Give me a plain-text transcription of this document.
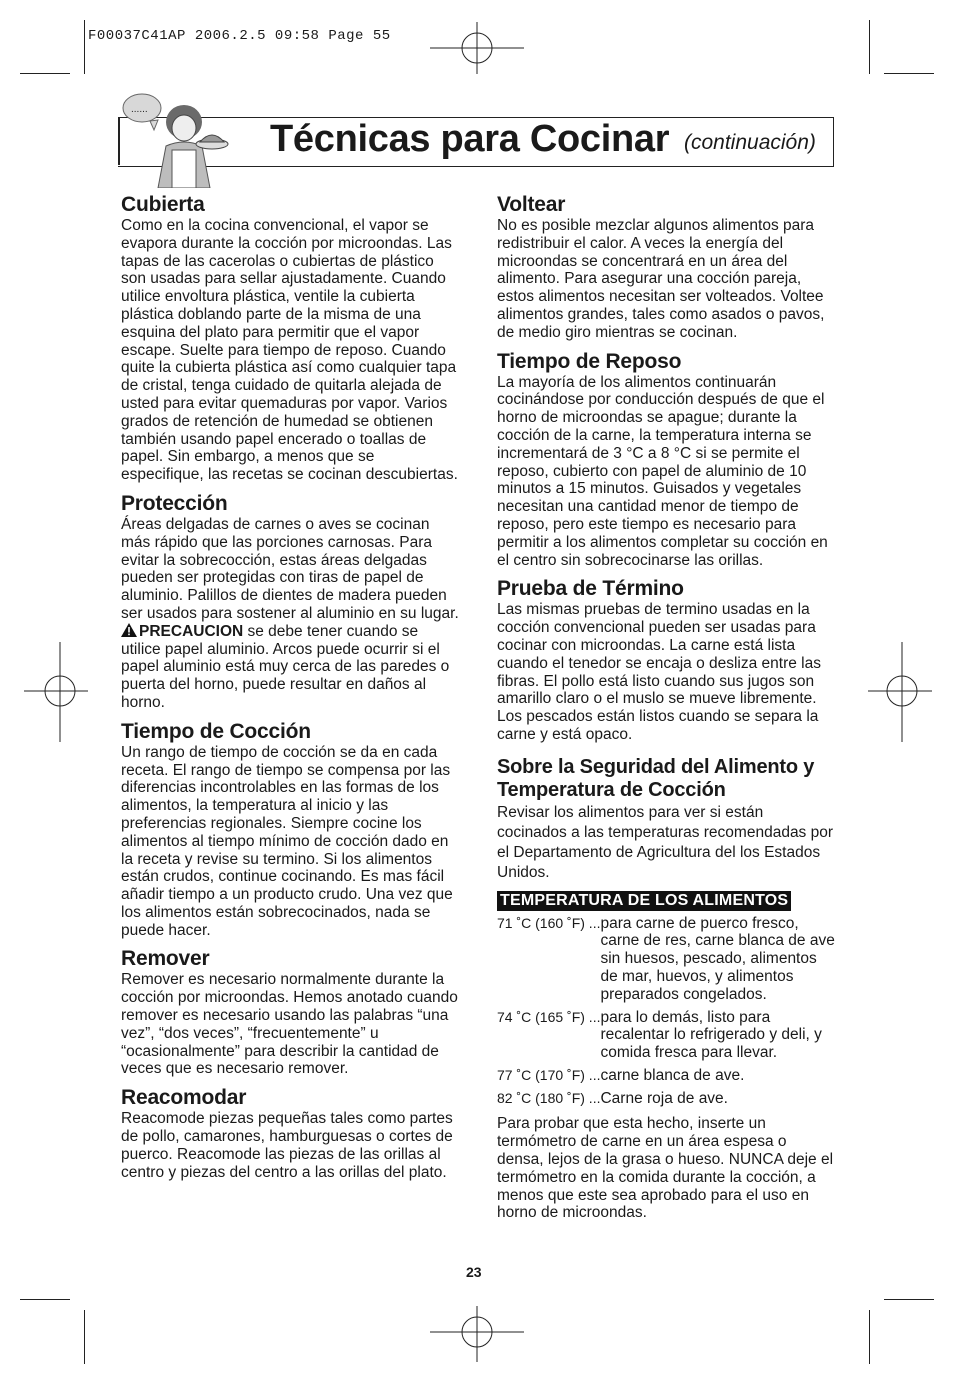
F00037C41AP 2006.2.5 09:58 Page 55
......
Técnicas para Cocinar (continuación)
Cubierta

Como en la cocina convencional, el vapor se evapora durante la cocción por microondas. Las tapas de las cacerolas o cubiertas de plástico son usadas para sellar ajustadamente. Cuando utilice envoltura plástica, ventile la cubierta plástica doblando parte de la misma de una esquina del plato para permitir que el vapor escape. Suelte para tiempo de reposo. Cuando quite la cubierta plástica así como cualquier tapa de cristal, tenga cuidado de quitarla alejada de usted para evitar quemaduras por vapor. Varios grados de retención de humedad se obtienen también usando papel encerado o toallas de papel. Sin embargo, a menos que se especifique, las recetas se cocinan descubiertas.

Protección

Áreas delgadas de carnes o aves se cocinan más rápido que las porciones carnosas. Para evitar la sobrecocción, estas áreas delgadas pueden ser protegidas con tiras de papel de aluminio. Palillos de dientes de madera pueden ser usados para sostener al aluminio en su lugar.

PRECAUCION se debe tener cuando se utilice papel aluminio. Arcos puede ocurrir si el papel aluminio está muy cerca de las paredes o puerta del horno, puede resultar en daños al horno.

Tiempo de Cocción

Un rango de tiempo de cocción se da en cada receta. El rango de tiempo se compensa por las diferencias incontrolables en las formas de los alimentos, la temperatura al inicio y las preferencias regionales. Siempre cocine los alimentos al tiempo mínimo de cocción dado en la receta y revise su termino. Si los alimentos están crudos, continue cocinando. Es mas fácil añadir tiempo a un producto crudo. Una vez que los alimentos están sobrecocinados, nada se puede hacer.

Remover

Remover es necesario normalmente durante la cocción por microondas. Hemos anotado cuando remover es necesario usando las palabras “una vez”, “dos veces”, “frecuentemente” u “ocasionalmente” para describir la cantidad de veces que es necesario remover.

Reacomodar

Reacomode piezas pequeñas tales como partes de pollo, camarones, hamburguesas o cortes de puerco. Reacomode las piezas de las orillas al centro y piezas del centro a las orillas del plato.

Voltear

No es posible mezclar algunos alimentos para redistribuir el calor. A veces la energía del microondas se concentrará en un área del alimento. Para asegurar una cocción pareja, estos alimentos necesitan ser volteados. Voltee alimentos grandes, tales como asados o pavos, de medio giro mientras se cocinan.

Tiempo de Reposo

La mayoría de los alimentos continuarán cocinándose por conducción después de que el horno de microondas se apague; durante la cocción de la carne, la temperatura interna se incrementará de 3 °C a 8 °C si se permite el reposo, cubierto con papel de aluminio de 10 minutos a 15 minutos. Guisados y vegetales necesitan una cantidad menor de tiempo de reposo, pero este tiempo es necesario para permitir a los alimentos completar su cocción en el centro sin sobrecocinarse las orillas.

Prueba de Término

Las mismas pruebas de termino usadas en la cocción convencional pueden ser usadas para cocinar con microondas. La carne está lista cuando el tenedor se encaja o desliza entre las fibras. El pollo está listo cuando sus jugos son amarillo claro o el muslo se mueve libremente. Los pescados están listos cuando se separa la carne y está opaco.

Sobre la Seguridad del Alimento y Temperatura de Cocción

Revisar los alimentos para ver si están cocinados a las temperaturas recomendadas por el Departamento de Agricultura del los Estados Unidos.

TEMPERATURA DE LOS ALIMENTOS
71 ˚C (160 ˚F) ... para carne de puerco fresco, carne de res, carne blanca de ave sin huesos, pescado, alimentos de mar, huevos, y alimentos preparados congelados.
74 ˚C (165 ˚F) ... para lo demás, listo para recalentar lo refrigerado y deli, y comida fresca para llevar.
77 ˚C (170 ˚F) ... carne blanca de ave.
82 ˚C (180 ˚F) ... Carne roja de ave.

Para probar que esta hecho, inserte un termómetro de carne en un área espesa o densa, lejos de la grasa o hueso. NUNCA deje el termómetro en la comida durante la cocción, a menos que este sea aprobado para el uso en horno de microondas.

23
